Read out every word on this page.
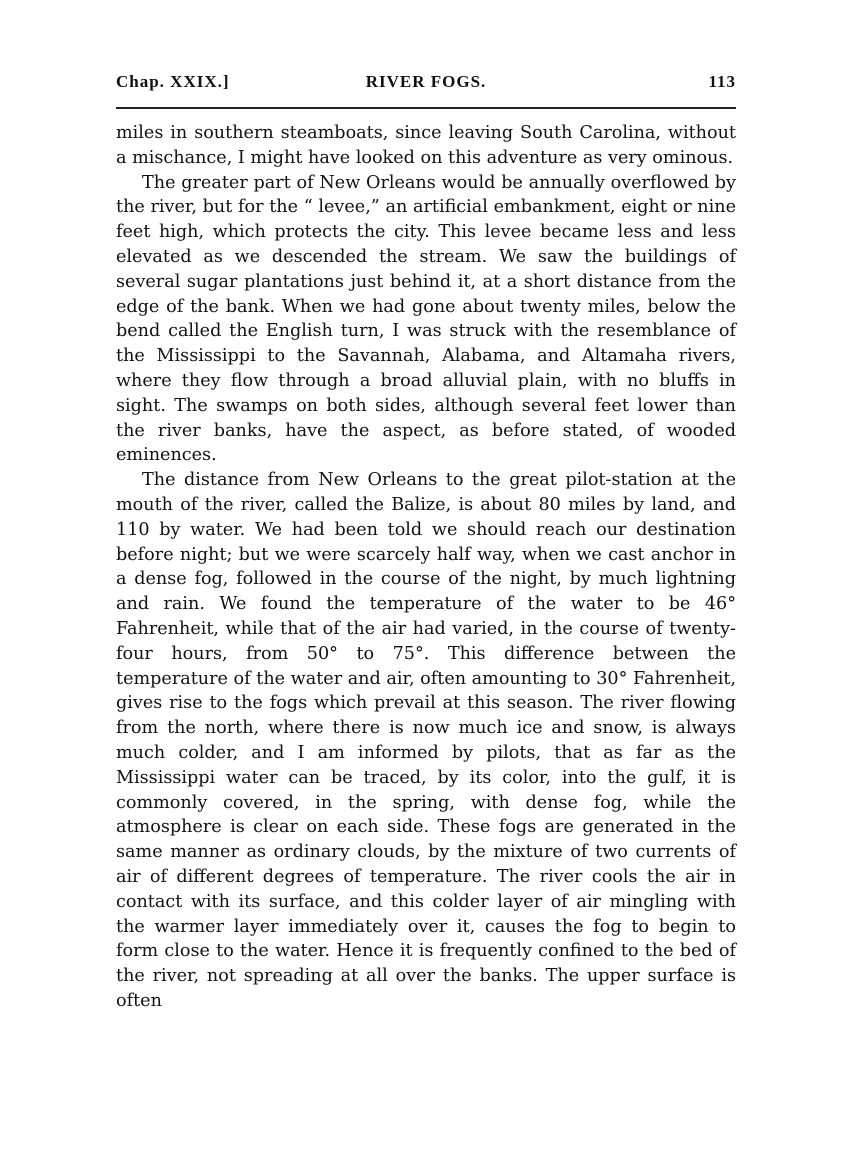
Chap. XXIX.]	RIVER FOGS.	113

miles in southern steamboats, since leaving South Carolina, without a mischance, I might have looked on this adventure as very ominous.

The greater part of New Orleans would be annually overflowed by the river, but for the “ levee,” an artificial embankment, eight or nine feet high, which protects the city. This levee became less and less elevated as we descended the stream. We saw the buildings of several sugar plantations just behind it, at a short distance from the edge of the bank. When we had gone about twenty miles, below the bend called the English turn, I was struck with the resemblance of the Mississippi to the Savannah, Alabama, and Altamaha rivers, where they flow through a broad alluvial plain, with no bluffs in sight. The swamps on both sides, although several feet lower than the river banks, have the aspect, as before stated, of wooded eminences.

The distance from New Orleans to the great pilot-station at the mouth of the river, called the Balize, is about 80 miles by land, and 110 by water. We had been told we should reach our destination before night; but we were scarcely half way, when we cast anchor in a dense fog, followed in the course of the night, by much lightning and rain. We found the temperature of the water to be 46° Fahrenheit, while that of the air had varied, in the course of twenty-four hours, from 50° to 75°. This difference between the temperature of the water and air, often amounting to 30° Fahrenheit, gives rise to the fogs which prevail at this season. The river flowing from the north, where there is now much ice and snow, is always much colder, and I am informed by pilots, that as far as the Mississippi water can be traced, by its color, into the gulf, it is commonly covered, in the spring, with dense fog, while the atmosphere is clear on each side. These fogs are generated in the same manner as ordinary clouds, by the mixture of two currents of air of different degrees of temperature. The river cools the air in contact with its surface, and this colder layer of air mingling with the warmer layer immediately over it, causes the fog to begin to form close to the water. Hence it is frequently confined to the bed of the river, not spreading at all over the banks. The upper surface is often
